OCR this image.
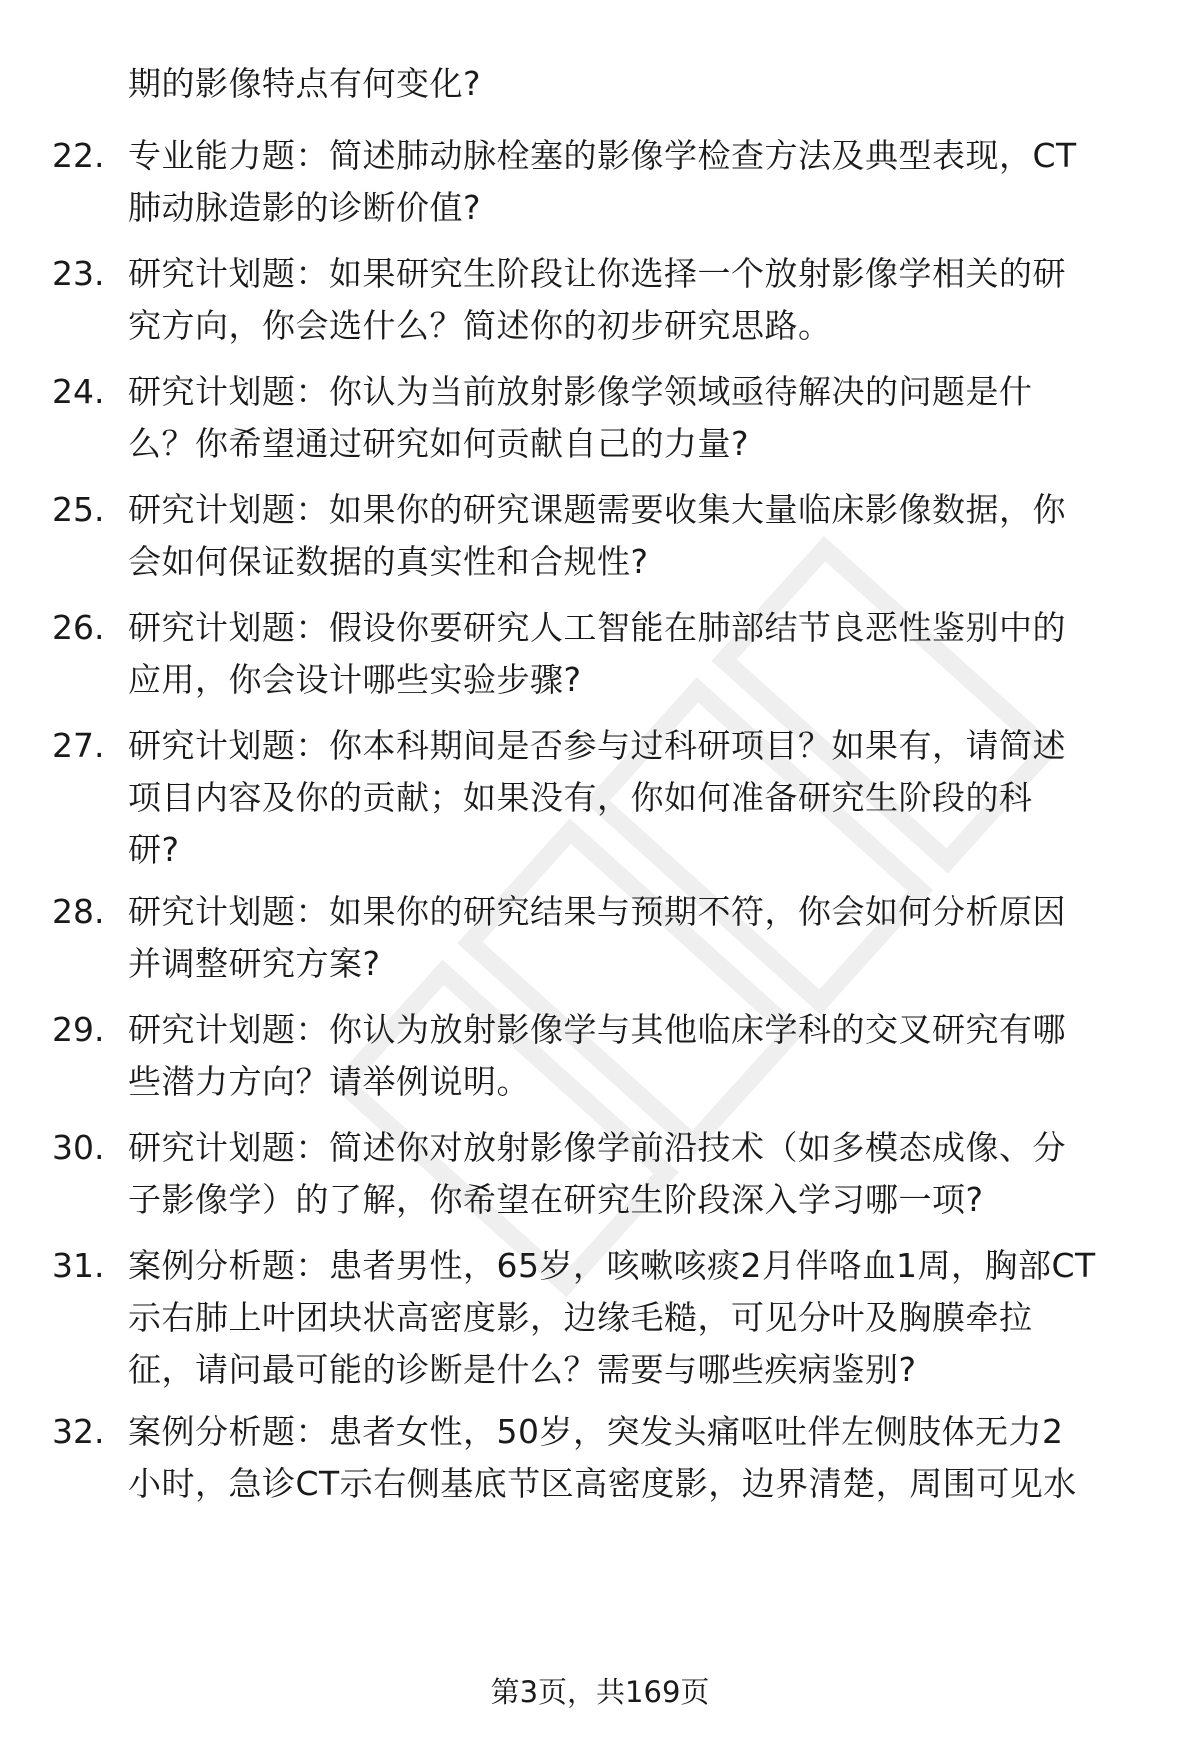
期的影像特点有何变化?
22. 专业能力题：简述肺动脉栓塞的影像学检查方法及典型表现，CT
肺动脉造影的诊断价值?
23. 研究计划题：如果研究生阶段让你选择一个放射影像学相关的研
究方向，你会选什么？简述你的初步研究思路。
24. 研究计划题：你认为当前放射影像学领域亟待解决的问题是什
么？你希望通过研究如何贡献自己的力量?
25. 研究计划题：如果你的研究课题需要收集大量临床影像数据，你
会如何保证数据的真实性和合规性?
26. 研究计划题：假设你要研究人工智能在肺部结节良恶性鉴别中的
应用，你会设计哪些实验步骤?
27. 研究计划题：你本科期间是否参与过科研项目？如果有，请简述
项目内容及你的贡献；如果没有，你如何准备研究生阶段的科
研?
28. 研究计划题：如果你的研究结果与预期不符，你会如何分析原因
并调整研究方案?
29. 研究计划题：你认为放射影像学与其他临床学科的交叉研究有哪
些潜力方向？请举例说明。
30. 研究计划题：简述你对放射影像学前沿技术（如多模态成像、分
子影像学）的了解，你希望在研究生阶段深入学习哪一项?
31. 案例分析题：患者男性，65岁，咳嗽咳痰2月伴咯血1周，胸部CT
示右肺上叶团块状高密度影，边缘毛糙，可见分叶及胸膜牵拉
征，请问最可能的诊断是什么？需要与哪些疾病鉴别?
32. 案例分析题：患者女性，50岁，突发头痛呕吐伴左侧肢体无力2
小时，急诊CT示右侧基底节区高密度影，边界清楚，周围可见水
第3页，共169页
